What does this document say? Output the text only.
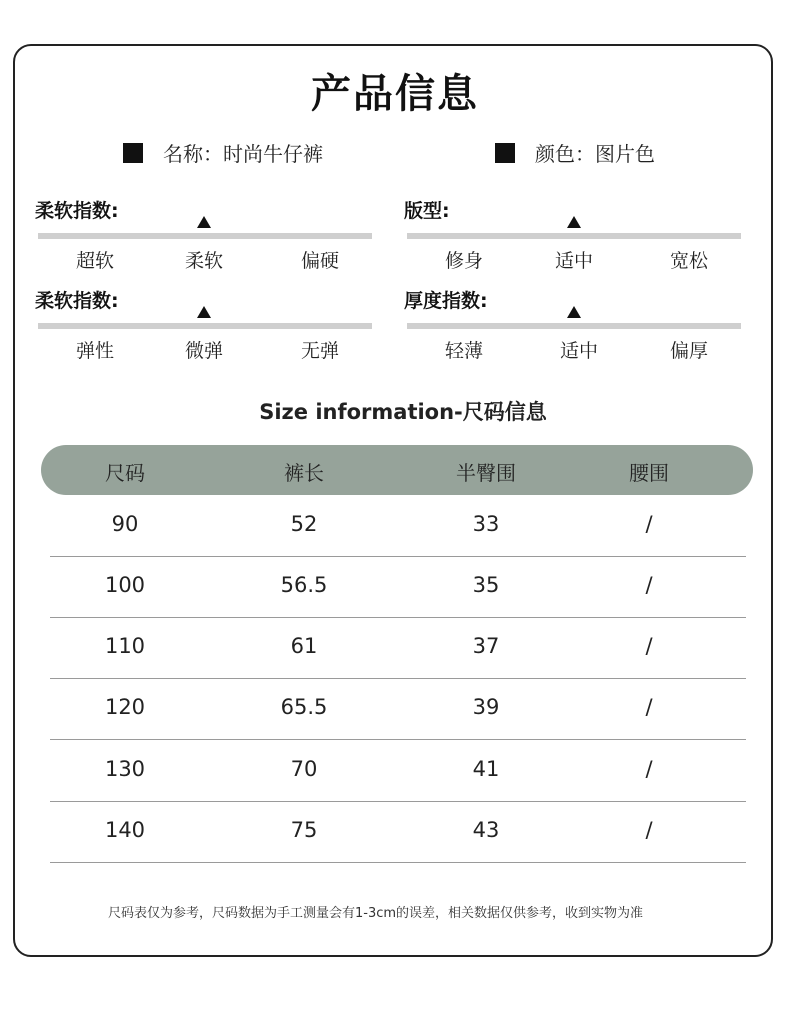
产品信息
名称：时尚牛仔裤	颜色：图片色
柔软指数:
超软	柔软	偏硬
版型:
修身	适中	宽松
柔软指数:
弹性	微弹	无弹
厚度指数:
轻薄	适中	偏厚
Size information-尺码信息
尺码	裤长	半臀围	腰围
90	52	33	/
100	56.5	35	/
110	61	37	/
120	65.5	39	/
130	70	41	/
140	75	43	/
尺码表仅为参考，尺码数据为手工测量会有1-3cm的误差，相关数据仅供参考，收到实物为准
